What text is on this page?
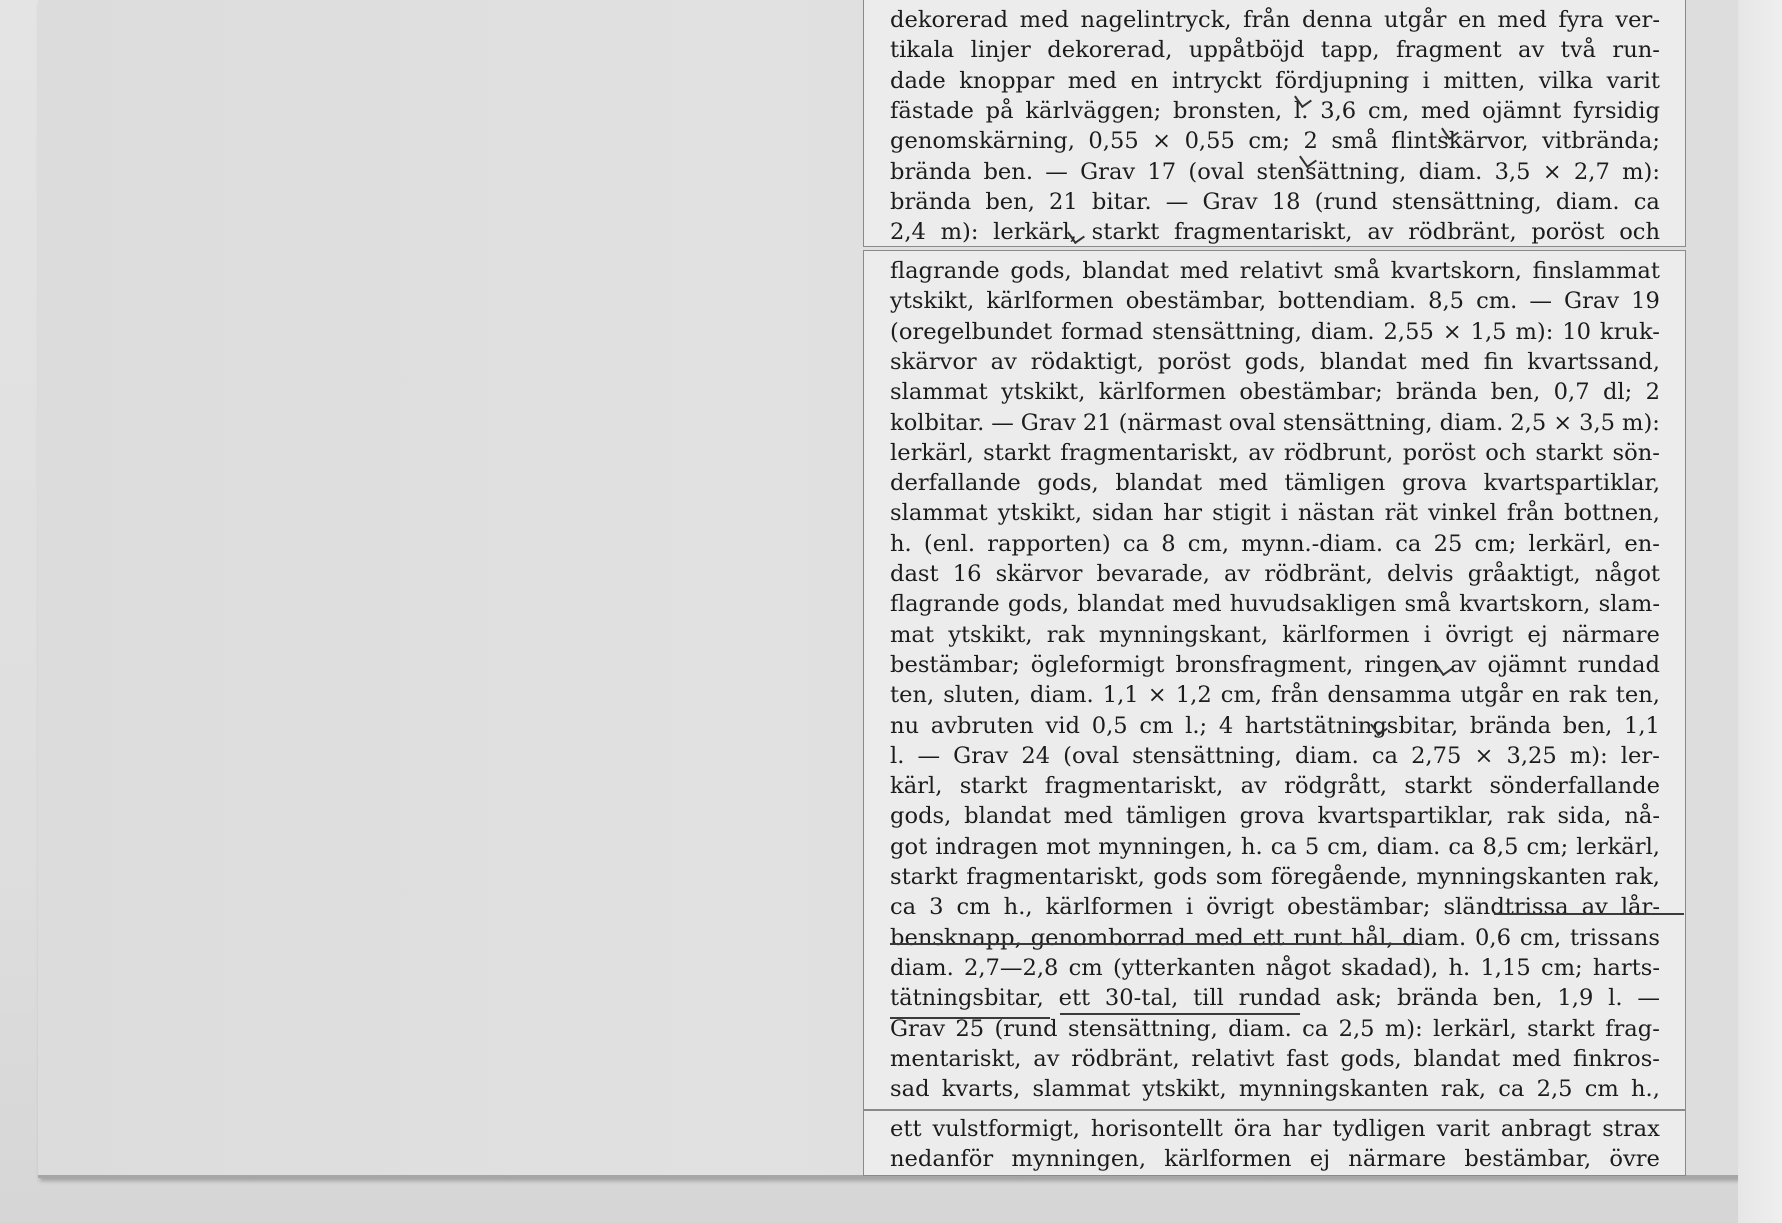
dekorerad med nagelintryck, från denna utgår en med fyra ver-
tikala linjer dekorerad, uppåtböjd tapp, fragment av två run-
dade knoppar med en intryckt fördjupning i mitten, vilka varit
fästade på kärlväggen; bronsten, l. 3,6 cm, med ojämnt fyrsidig
genomskärning, 0,55 × 0,55 cm; 2 små flintskärvor, vitbrända;
brända ben. — Grav 17 (oval stensättning, diam. 3,5 × 2,7 m):
brända ben, 21 bitar. — Grav 18 (rund stensättning, diam. ca
2,4 m): lerkärl, starkt fragmentariskt, av rödbränt, poröst och
flagrande gods, blandat med relativt små kvartskorn, finslammat
ytskikt, kärlformen obestämbar, bottendiam. 8,5 cm. — Grav 19
(oregelbundet formad stensättning, diam. 2,55 × 1,5 m): 10 kruk-
skärvor av rödaktigt, poröst gods, blandat med fin kvartssand,
slammat ytskikt, kärlformen obestämbar; brända ben, 0,7 dl; 2
kolbitar. — Grav 21 (närmast oval stensättning, diam. 2,5 × 3,5 m):
lerkärl, starkt fragmentariskt, av rödbrunt, poröst och starkt sön-
derfallande gods, blandat med tämligen grova kvartspartiklar,
slammat ytskikt, sidan har stigit i nästan rät vinkel från bottnen,
h. (enl. rapporten) ca 8 cm, mynn.-diam. ca 25 cm; lerkärl, en-
dast 16 skärvor bevarade, av rödbränt, delvis gråaktigt, något
flagrande gods, blandat med huvudsakligen små kvartskorn, slam-
mat ytskikt, rak mynningskant, kärlformen i övrigt ej närmare
bestämbar; ögleformigt bronsfragment, ringen av ojämnt rundad
ten, sluten, diam. 1,1 × 1,2 cm, från densamma utgår en rak ten,
nu avbruten vid 0,5 cm l.; 4 hartstätningsbitar, brända ben, 1,1
l. — Grav 24 (oval stensättning, diam. ca 2,75 × 3,25 m): ler-
kärl, starkt fragmentariskt, av rödgrått, starkt sönderfallande
gods, blandat med tämligen grova kvartspartiklar, rak sida, nå-
got indragen mot mynningen, h. ca 5 cm, diam. ca 8,5 cm; lerkärl,
starkt fragmentariskt, gods som föregående, mynningskanten rak,
ca 3 cm h., kärlformen i övrigt obestämbar; sländtrissa av lår-
bensknapp, genomborrad med ett runt hål, diam. 0,6 cm, trissans
diam. 2,7—2,8 cm (ytterkanten något skadad), h. 1,15 cm; harts-
tätningsbitar, ett 30-tal, till rundad ask; brända ben, 1,9 l. —
Grav 25 (rund stensättning, diam. ca 2,5 m): lerkärl, starkt frag-
mentariskt, av rödbränt, relativt fast gods, blandat med finkros-
sad kvarts, slammat ytskikt, mynningskanten rak, ca 2,5 cm h.,
ett vulstformigt, horisontellt öra har tydligen varit anbragt strax
nedanför mynningen, kärlformen ej närmare bestämbar, övre
